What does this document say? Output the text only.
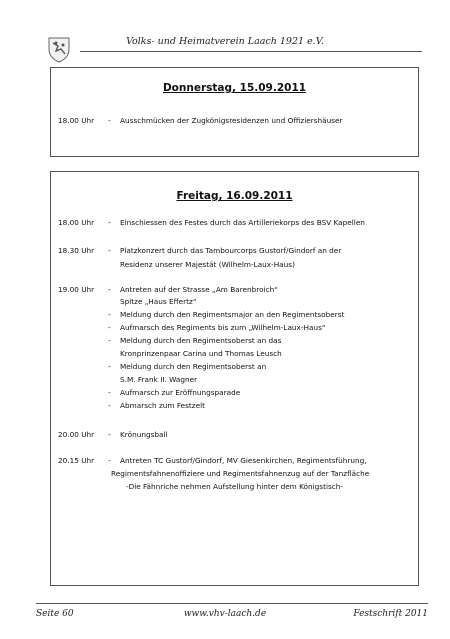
Volks- und Heimatverein Laach 1921 e.V.
Donnerstag, 15.09.2011
18.00 Uhr - Ausschmücken der Zugkönigsresidenzen und Offiziershäuser
Freitag, 16.09.2011
18.00 Uhr - Einschiessen des Festes durch das Artilleriekorps des BSV Kapellen
18.30 Uhr - Platzkonzert durch das Tambourcorps Gustorf/Gindorf an der
Residenz unserer Majestät (Wilhelm-Laux-Haus)
19.00 Uhr - Antreten auf der Strasse „Am Barenbroich“
Spitze „Haus Effertz“
- Meldung durch den Regimentsmajor an den Regimentsoberst
- Aufmarsch des Regiments bis zum „Wilhelm-Laux-Haus“
- Meldung durch den Regimentsoberst an das
Kronprinzenpaar Carina und Thomas Leusch
- Meldung durch den Regimentsoberst an
S.M. Frank II. Wagner
- Aufmarsch zur Eröffnungsparade
- Abmarsch zum Festzelt
20.00 Uhr - Krönungsball
20.15 Uhr - Antreten TC Gustorf/Gindorf, MV Giesenkirchen, Regimentsführung,
Regimentsfahnenoffiziere und Regimentsfahnenzug auf der Tanzfläche
-Die Fähnriche nehmen Aufstellung hinter dem Königstisch-
Seite 60	www.vhv-laach.de	Festschrift 2011
